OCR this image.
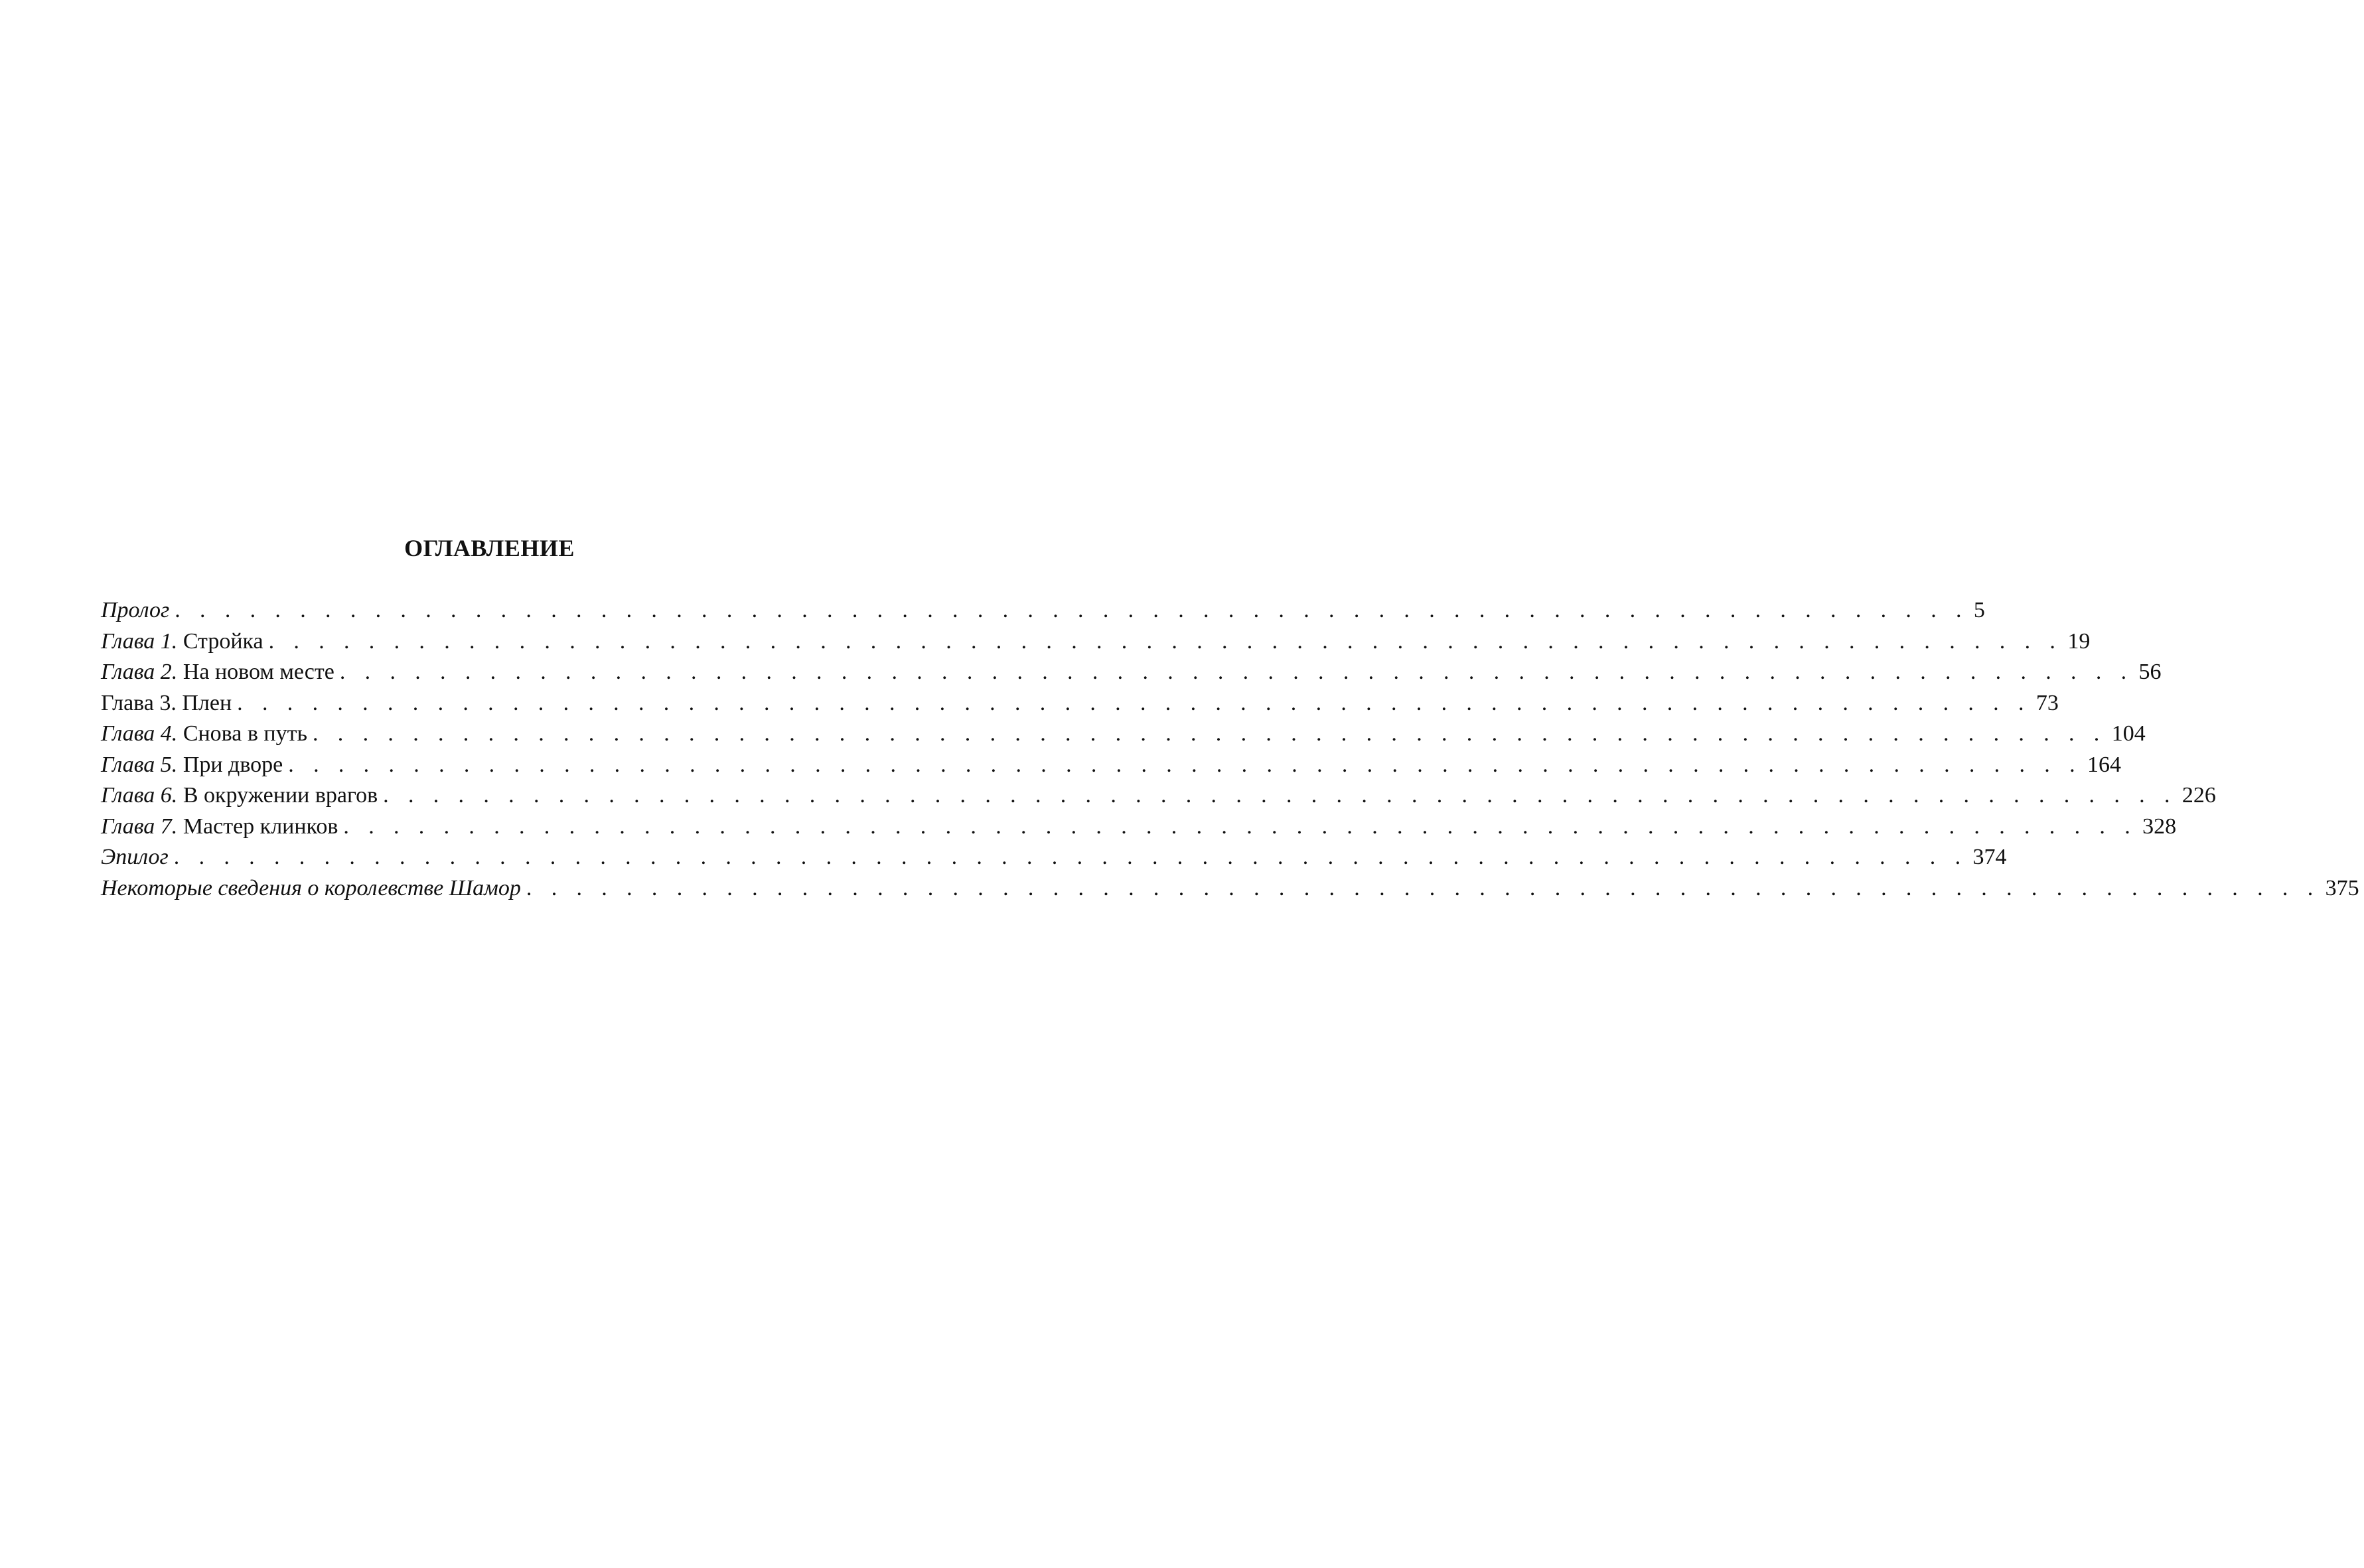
ОГЛАВЛЕНИЕ
Пролог . . . . . . . . . . . . . . . . . . . . . . . . . . . . . . . . . . . . . . . . . . . . . . . . . . . . . . . . . . . . . . . . . . . . . . . . 5
Глава 1. Стройка . . . . . . . . . . . . . . . . . . . . . . . . . . . . . . . . . . . . . . . . . . . . . . . . . . . . . . . . . . . . . . . . . . . . . . . . 19
Глава 2. На новом месте . . . . . . . . . . . . . . . . . . . . . . . . . . . . . . . . . . . . . . . . . . . . . . . . . . . . . . . . . . . . . . . . . . . . . . . . 56
Глава 3. Плен . . . . . . . . . . . . . . . . . . . . . . . . . . . . . . . . . . . . . . . . . . . . . . . . . . . . . . . . . . . . . . . . . . . . . . . . 73
Глава 4. Снова в путь . . . . . . . . . . . . . . . . . . . . . . . . . . . . . . . . . . . . . . . . . . . . . . . . . . . . . . . . . . . . . . . . . . . . . . . . 104
Глава 5. При дворе . . . . . . . . . . . . . . . . . . . . . . . . . . . . . . . . . . . . . . . . . . . . . . . . . . . . . . . . . . . . . . . . . . . . . . . . 164
Глава 6. В окружении врагов . . . . . . . . . . . . . . . . . . . . . . . . . . . . . . . . . . . . . . . . . . . . . . . . . . . . . . . . . . . . . . . . . . . . . . . . 226
Глава 7. Мастер клинков . . . . . . . . . . . . . . . . . . . . . . . . . . . . . . . . . . . . . . . . . . . . . . . . . . . . . . . . . . . . . . . . . . . . . . . . 328
Эпилог . . . . . . . . . . . . . . . . . . . . . . . . . . . . . . . . . . . . . . . . . . . . . . . . . . . . . . . . . . . . . . . . . . . . . . . . 374
Некоторые сведения о королевстве Шамор . . . . . . . . . . . . . . . . . . . . . . . . . . . . . . . . . . . . . . . . . . . . . . . . . . . . . . . . . . . . . . . . . . . . . . . . 375
